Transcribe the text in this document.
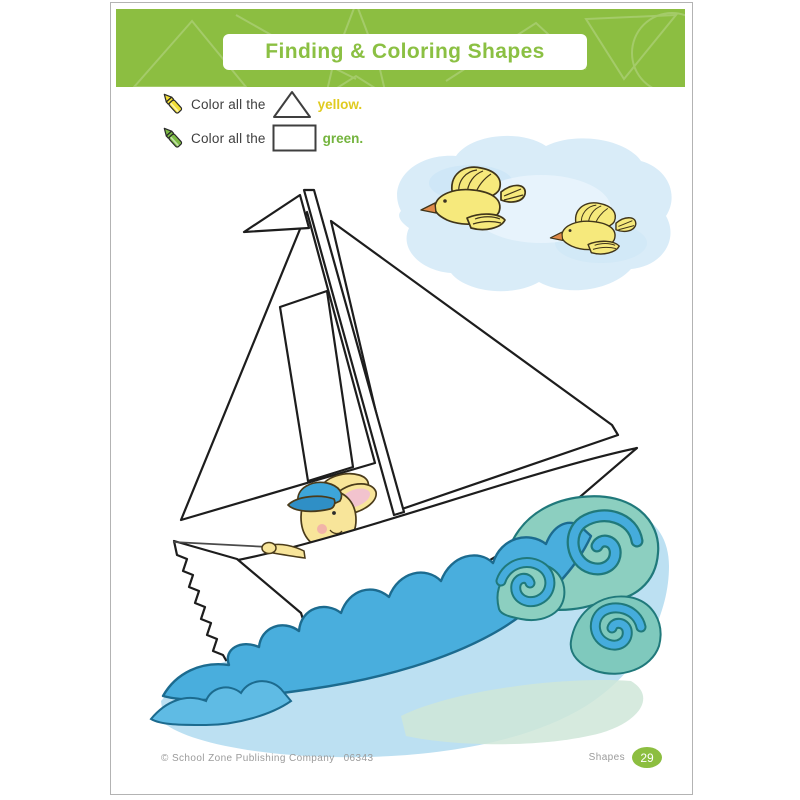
Finding & Coloring Shapes
Color all the	yellow.
Color all the	green.
© School Zone Publishing Company 06343	Shapes	29
